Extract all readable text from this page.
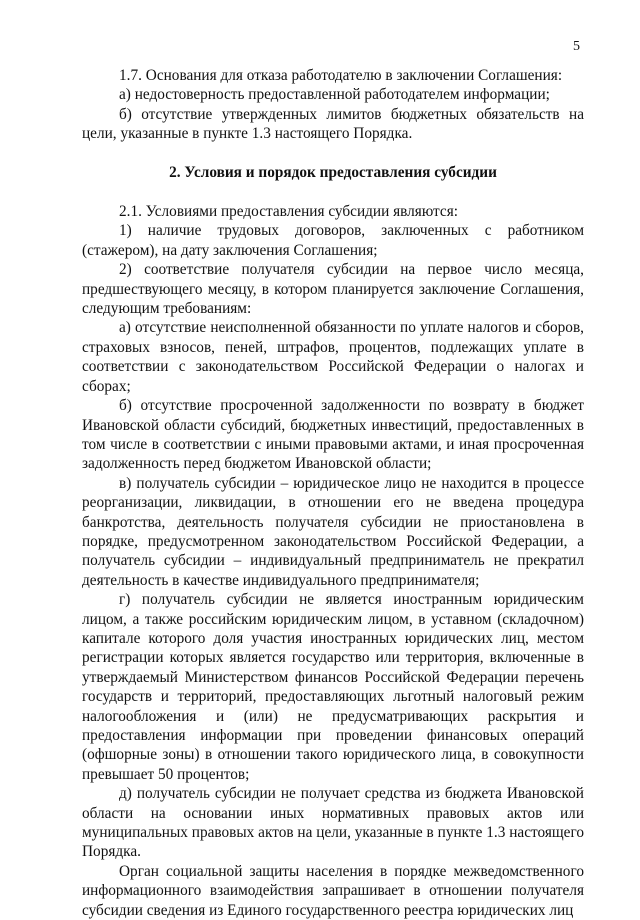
5

1.7. Основания для отказа работодателю в заключении Соглашения:

а) недостоверность предоставленной работодателем информации;

б) отсутствие утвержденных лимитов бюджетных обязательств на цели, указанные в пункте 1.3 настоящего Порядка.

2. Условия и порядок предоставления субсидии

2.1. Условиями предоставления субсидии являются:

1) наличие трудовых договоров, заключенных с работником (стажером), на дату заключения Соглашения;

2) соответствие получателя субсидии на первое число месяца, предшествующего месяцу, в котором планируется заключение Соглашения, следующим требованиям:

а) отсутствие неисполненной обязанности по уплате налогов и сборов, страховых взносов, пеней, штрафов, процентов, подлежащих уплате в соответствии с законодательством Российской Федерации о налогах и сборах;

б) отсутствие просроченной задолженности по возврату в бюджет Ивановской области субсидий, бюджетных инвестиций, предоставленных в том числе в соответствии с иными правовыми актами, и иная просроченная задолженность перед бюджетом Ивановской области;

в) получатель субсидии – юридическое лицо не находится в процессе реорганизации, ликвидации, в отношении его не введена процедура банкротства, деятельность получателя субсидии не приостановлена в порядке, предусмотренном законодательством Российской Федерации, а получатель субсидии – индивидуальный предприниматель не прекратил деятельность в качестве индивидуального предпринимателя;

г) получатель субсидии не является иностранным юридическим лицом, а также российским юридическим лицом, в уставном (складочном) капитале которого доля участия иностранных юридических лиц, местом регистрации которых является государство или территория, включенные в утверждаемый Министерством финансов Российской Федерации перечень государств и территорий, предоставляющих льготный налоговый режим налогообложения и (или) не предусматривающих раскрытия и предоставления информации при проведении финансовых операций (офшорные зоны) в отношении такого юридического лица, в совокупности превышает 50 процентов;

д) получатель субсидии не получает средства из бюджета Ивановской области на основании иных нормативных правовых актов или муниципальных правовых актов на цели, указанные в пункте 1.3 настоящего Порядка.

Орган социальной защиты населения в порядке межведомственного информационного взаимодействия запрашивает в отношении получателя субсидии сведения из Единого государственного реестра юридических лиц
